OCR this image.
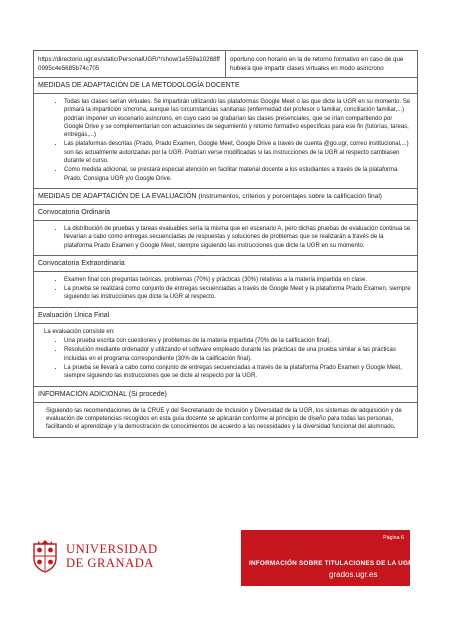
https://directorio.ugr.es/static/PersonalUGR/*/show/1e559a10288ff0995c4e5685b74c705
oportuno con horario en la de retorno formativo en caso de que hubiera que impartir clases virtuales en modo asíncrono
MEDIDAS DE ADAPTACIÓN DE LA METODOLOGÍA DOCENTE
• Todas las clases serían virtuales. Se impartirán utilizando las plataformas Google Meet o las que dicte la UGR en su momento. Se primará la impartición síncrona, aunque las circunstancias sanitarias (enfermedad del profesor o familiar, conciliación familiar,...) podrían imponer un escenario asíncrono, en cuyo caso se grabarían las clases presenciales, que se irían compartiendo por Google Drive y se complementarían con actuaciones de seguimiento y retorno formativo específicas para ese fin (tutorías, tareas, entregas,...)
• Las plataformas descritas (Prado, Prado Examen, Google Meet, Google Drive a través de cuenta @go.ugr, correo institucional,...) son las actualmente autorizadas por la UGR. Podrían verse modificadas si las instrucciones de la UGR al respecto cambiasen durante el curso.
• Como medida adicional, se prestará especial atención en facilitar material docente a los estudiantes a través de la plataforma Prado, Consigna UGR y/o Google Drive.
MEDIDAS DE ADAPTACIÓN DE LA EVALUACIÓN (Instrumentos, criterios y porcentajes sobre la calificación final)
Convocatoria Ordinaria
• La distribución de pruebas y tareas evaluables sería la misma que en escenario A, pero dichas pruebas de evaluación continua se llevarían a cabo como entregas secuenciadas de respuestas y soluciones de problemas que se realizarán a través de la plataforma Prado Examen y Google Meet, siempre siguiendo las instrucciones que dicte la UGR en su momento.
Convocatoria Extraordinaria
• Examen final con preguntas teóricas, problemas (70%) y prácticas (30%) relativas a la materia impartida en clase.
• La prueba se realizará como conjunto de entregas secuenciadas a través de Google Meet y la plataforma Prado Examen, siempre siguiendo las instrucciones que dicte la UGR al respecto.
Evaluación Única Final
La evaluación consiste en:
• Una prueba escrita con cuestiones y problemas de la materia impartida (70% de la calificación final).
• Resolución mediante ordenador y utilizando el software empleado durante las prácticas de una prueba similar a las prácticas incluidas en el programa correspondiente (30% de la calificación final).
• La prueba se llevará a cabo como conjunto de entregas secuenciadas a través de la plataforma Prado Examen y Google Meet, siempre siguiendo las instrucciones que se dicte al respecto por la UGR.
INFORMACIÓN ADICIONAL (Si procede)
Siguiendo las recomendaciones de la CRUE y del Secretariado de Inclusión y Diversidad de la UGR, los sistemas de adquisición y de evaluación de competencias recogidos en esta guía docente se aplicarán conforme al principio de diseño para todas las personas, facilitando el aprendizaje y la demostración de conocimientos de acuerdo a las necesidades y la diversidad funcional del alumnado.
UNIVERSIDAD
DE GRANADA
Página 6
INFORMACIÓN SOBRE TITULACIONES DE LA UGR
grados.ugr.es
